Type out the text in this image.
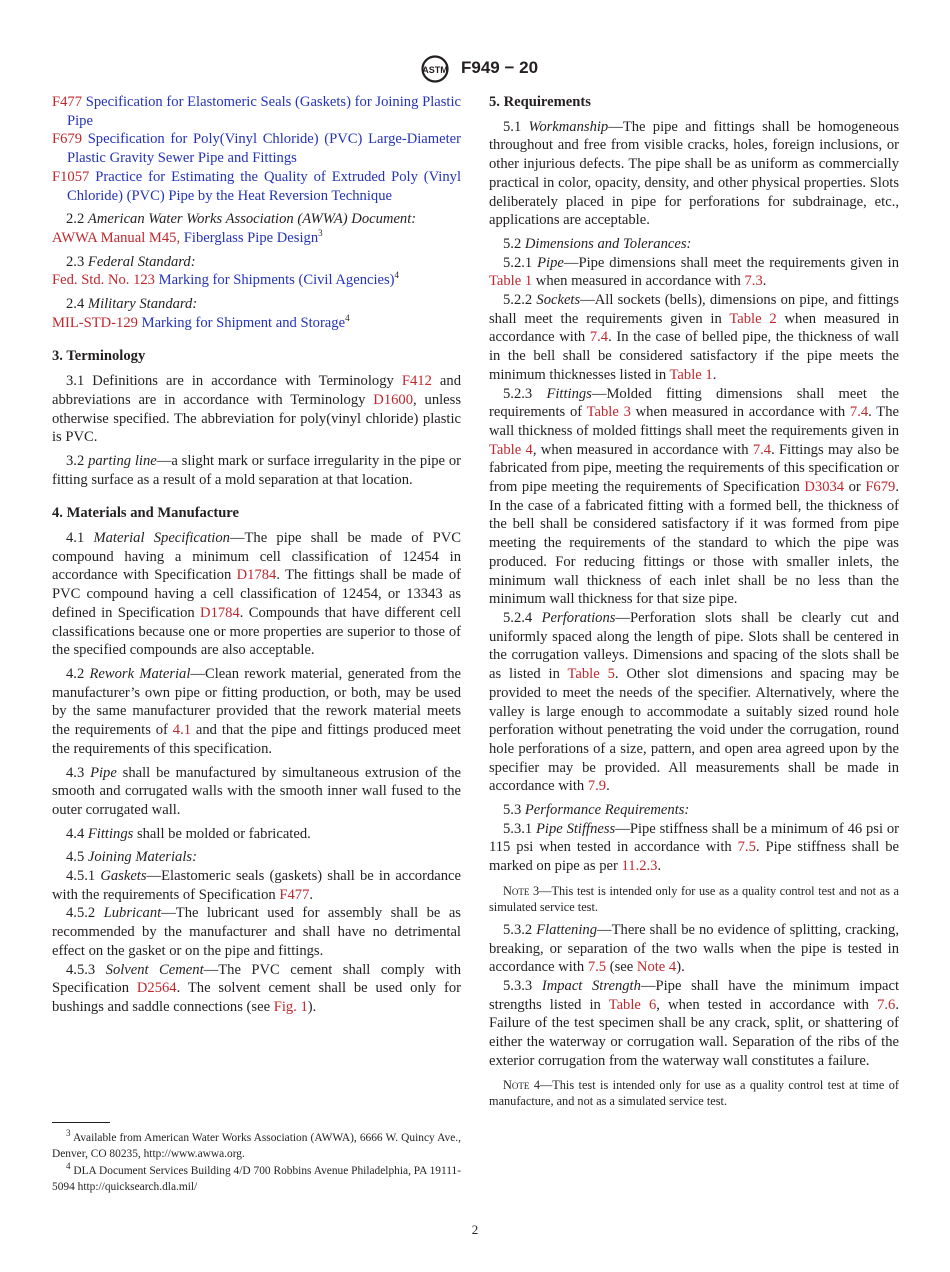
ASTM F949 − 20

F477 Specification for Elastomeric Seals (Gaskets) for Joining Plastic Pipe

F679 Specification for Poly(Vinyl Chloride) (PVC) Large-Diameter Plastic Gravity Sewer Pipe and Fittings

F1057 Practice for Estimating the Quality of Extruded Poly (Vinyl Chloride) (PVC) Pipe by the Heat Reversion Technique

2.2 American Water Works Association (AWWA) Document:

AWWA Manual M45, Fiberglass Pipe Design$^3$

2.3 Federal Standard:

Fed. Std. No. 123 Marking for Shipments (Civil Agencies)$^4$

2.4 Military Standard:

MIL-STD-129 Marking for Shipment and Storage$^4$

3. Terminology

3.1 Definitions are in accordance with Terminology F412 and abbreviations are in accordance with Terminology D1600, unless otherwise specified. The abbreviation for poly(vinyl chloride) plastic is PVC.

3.2 parting line—a slight mark or surface irregularity in the pipe or fitting surface as a result of a mold separation at that location.

4. Materials and Manufacture

4.1 Material Specification—The pipe shall be made of PVC compound having a minimum cell classification of 12454 in accordance with Specification D1784. The fittings shall be made of PVC compound having a cell classification of 12454, or 13343 as defined in Specification D1784. Compounds that have different cell classifications because one or more properties are superior to those of the specified compounds are also acceptable.

4.2 Rework Material—Clean rework material, generated from the manufacturer’s own pipe or fitting production, or both, may be used by the same manufacturer provided that the rework material meets the requirements of 4.1 and that the pipe and fittings produced meet the requirements of this specification.

4.3 Pipe shall be manufactured by simultaneous extrusion of the smooth and corrugated walls with the smooth inner wall fused to the outer corrugated wall.

4.4 Fittings shall be molded or fabricated.

4.5 Joining Materials:

4.5.1 Gaskets—Elastomeric seals (gaskets) shall be in accordance with the requirements of Specification F477.

4.5.2 Lubricant—The lubricant used for assembly shall be as recommended by the manufacturer and shall have no detrimental effect on the gasket or on the pipe and fittings.

4.5.3 Solvent Cement—The PVC cement shall comply with Specification D2564. The solvent cement shall be used only for bushings and saddle connections (see Fig. 1).

$^3$ Available from American Water Works Association (AWWA), 6666 W. Quincy Ave., Denver, CO 80235, http://www.awwa.org.

$^4$ DLA Document Services Building 4/D 700 Robbins Avenue Philadelphia, PA 19111-5094 http://quicksearch.dla.mil/

5. Requirements

5.1 Workmanship—The pipe and fittings shall be homogeneous throughout and free from visible cracks, holes, foreign inclusions, or other injurious defects. The pipe shall be as uniform as commercially practical in color, opacity, density, and other physical properties. Slots deliberately placed in pipe for perforations for subdrainage, etc., applications are acceptable.

5.2 Dimensions and Tolerances:

5.2.1 Pipe—Pipe dimensions shall meet the requirements given in Table 1 when measured in accordance with 7.3.

5.2.2 Sockets—All sockets (bells), dimensions on pipe, and fittings shall meet the requirements given in Table 2 when measured in accordance with 7.4. In the case of belled pipe, the thickness of wall in the bell shall be considered satisfactory if the pipe meets the minimum thicknesses listed in Table 1.

5.2.3 Fittings—Molded fitting dimensions shall meet the requirements of Table 3 when measured in accordance with 7.4. The wall thickness of molded fittings shall meet the requirements given in Table 4, when measured in accordance with 7.4. Fittings may also be fabricated from pipe, meeting the requirements of this specification or from pipe meeting the requirements of Specification D3034 or F679. In the case of a fabricated fitting with a formed bell, the thickness of the bell shall be considered satisfactory if it was formed from pipe meeting the requirements of the standard to which the pipe was produced. For reducing fittings or those with smaller inlets, the minimum wall thickness of each inlet shall be no less than the minimum wall thickness for that size pipe.

5.2.4 Perforations—Perforation slots shall be clearly cut and uniformly spaced along the length of pipe. Slots shall be centered in the corrugation valleys. Dimensions and spacing of the slots shall be as listed in Table 5. Other slot dimensions and spacing may be provided to meet the needs of the specifier. Alternatively, where the valley is large enough to accommodate a suitably sized round hole perforation without penetrating the void under the corrugation, round hole perforations of a size, pattern, and open area agreed upon by the specifier may be provided. All measurements shall be made in accordance with 7.9.

5.3 Performance Requirements:

5.3.1 Pipe Stiffness—Pipe stiffness shall be a minimum of 46 psi or 115 psi when tested in accordance with 7.5. Pipe stiffness shall be marked on pipe as per 11.2.3.

Note 3—This test is intended only for use as a quality control test and not as a simulated service test.

5.3.2 Flattening—There shall be no evidence of splitting, cracking, breaking, or separation of the two walls when the pipe is tested in accordance with 7.5 (see Note 4).

5.3.3 Impact Strength—Pipe shall have the minimum impact strengths listed in Table 6, when tested in accordance with 7.6. Failure of the test specimen shall be any crack, split, or shattering of either the waterway or corrugation wall. Separation of the ribs of the exterior corrugation from the waterway wall constitutes a failure.

Note 4—This test is intended only for use as a quality control test at time of manufacture, and not as a simulated service test.

2
